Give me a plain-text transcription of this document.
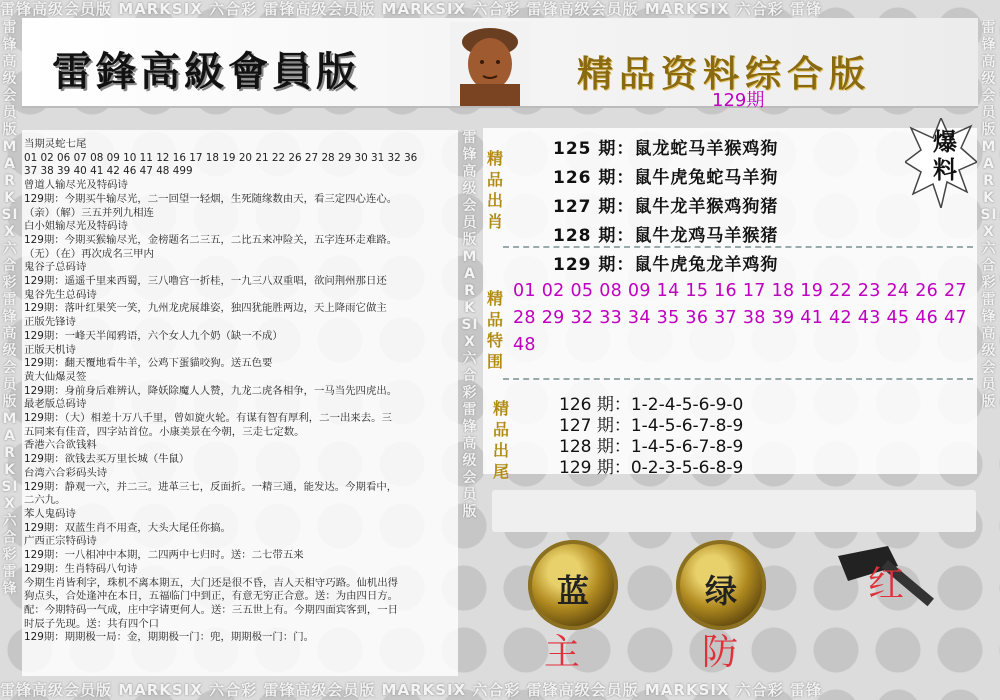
雷锋高级会员版 MARKSIX 六合彩 雷锋高级会员版 MARKSIX 六合彩 雷锋高级会员版 MARKSIX 六合彩 雷锋
雷锋高级会员版 MARKSIX 六合彩 雷锋高级会员版 MARKSIX 六合彩 雷锋高级会员版 MARKSIX 六合彩 雷锋
雷锋高级会员版MARKSIX六合彩雷锋高级会员版MARKSIX六合彩雷锋
雷锋高级会员版MARKSIX六合彩雷锋高级会员版
雷锋高级会员版MARKSIX六合彩雷锋高级会员版
雷鋒高級會員版	精品资料综合版
129期
当期灵蛇七尾
01 02 06 07 08 09 10 11 12 16 17 18 19 20 21 22 26 27 28 29 30 31 32 36
37 38 39 40 41 42 46 47 48 499
曾道人输尽光及特码诗
129期：今期买牛输尽光，二一回望一轻烟，生死随缘数由天，看三定四心连心。
（亲）（解）三五并列九相连
白小姐输尽光及特码诗
129期：今期买猴输尽光，金榜题名二三五，二比五来冲险关，五字连环走难路。
（无）（在）再次成名三甲内
鬼谷子总码诗
129期：遥遥千里来西蜀，三八噜宫一折桂，一九三八双重唱，欲问荆州那日还
鬼谷先生总码诗
129期：落叶红果笑一笑，九州龙虎展雄姿，独四犹能胜两边，天上降雨它做主
正版先锋诗
129期：一峰天半闻鸦语，六个女人九个奶（缺一不成）
正版天机诗
129期：翻天覆地看牛羊，公鸡下蛋貓咬狗。送五色要
黄大仙爆灵签
129期：身前身后难辨认，降妖除魔人人赞，九龙二虎各相争，一马当先四虎出。
最老版总码诗
129期：（大）相差十万八千里，曾如旋火轮。有谋有智有厚利，二一出来去。三
五同来有佳音，四字站首位。小康美景在今朝，三走七定数。
香港六合欲钱料
129期：欲钱去买万里长城（牛鼠）
台湾六合彩码头诗
129期：静观一六，并二三。进革三七，反面折。一精三通，能发达。今期看中，
二六九。
苯人鬼码诗
129期：双蓝生肖不用查，大头大尾任你搞。
广西正宗特码诗
129期：一八相冲中本期，二四两中七归时。送：二七带五来
129期：生肖特码八句诗
今期生肖皆利字，珠机不离本期五，大门还是很不昏，吉人天相守巧路。仙机出得
狗点头，合处逢冲在本日，五福临门中到正，有意无穷正合意。送：为由四日方。
配：今期特码一气成，庄中字请更何人。送：三五世上有。今期四面宾客到，一日
时辰子先现。送：共有四个口
129期：期期极一局：金，期期极一门：兜，期期极一门：门。
精品出肖
125 期：鼠龙蛇马羊猴鸡狗
126 期：鼠牛虎兔蛇马羊狗
127 期：鼠牛龙羊猴鸡狗猪
128 期：鼠牛龙鸡马羊猴猪
129 期：鼠牛虎兔龙羊鸡狗
精品特围
01 02 05 08 09 14 15 16 17 18 19 22 23 24 26 27 28 29 32 33 34 35 36 37 38 39 41 42 43 45 46 47 48
精品出尾
126 期：1-2-4-5-6-9-0
127 期：1-4-5-6-7-8-9
128 期：1-4-5-6-7-8-9
129 期：0-2-3-5-6-8-9
爆料
蓝	绿
主	防
红
